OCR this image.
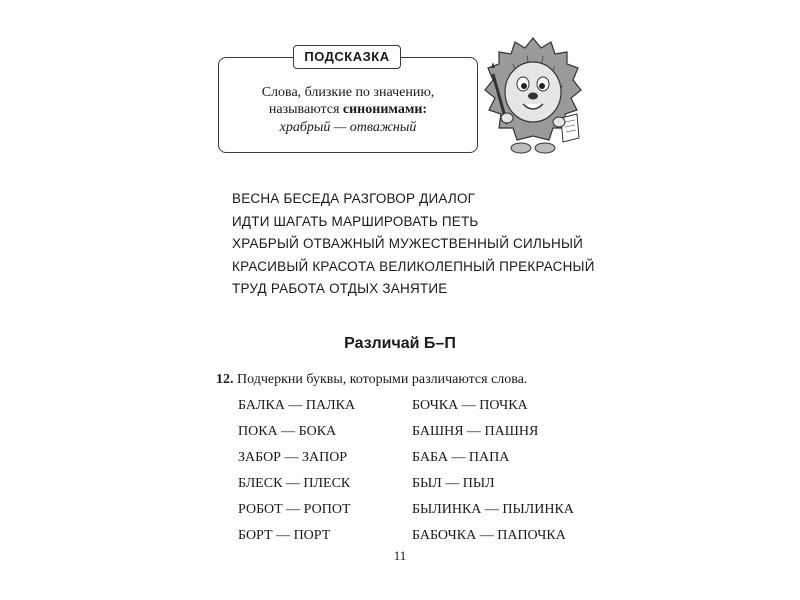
ПОДСКАЗКА
Слова, близкие по значению,
называются синонимами:
храбрый — отважный
ВЕСНА БЕСЕДА РАЗГОВОР ДИАЛОГ
ИДТИ ШАГАТЬ МАРШИРОВАТЬ ПЕТЬ
ХРАБРЫЙ ОТВАЖНЫЙ МУЖЕСТВЕННЫЙ СИЛЬНЫЙ
КРАСИВЫЙ КРАСОТА ВЕЛИКОЛЕПНЫЙ ПРЕКРАСНЫЙ
ТРУД РАБОТА ОТДЫХ ЗАНЯТИЕ
Различай Б–П
12. Подчеркни буквы, которыми различаются слова.
БАЛКА — ПАЛКА
ПОКА — БОКА
ЗАБОР — ЗАПОР
БЛЕСК — ПЛЕСК
РОБОТ — РОПОТ
БОРТ — ПОРТ
БОЧКА — ПОЧКА
БАШНЯ — ПАШНЯ
БАБА — ПАПА
БЫЛ — ПЫЛ
БЫЛИНКА — ПЫЛИНКА
БАБОЧКА — ПАПОЧКА
11
